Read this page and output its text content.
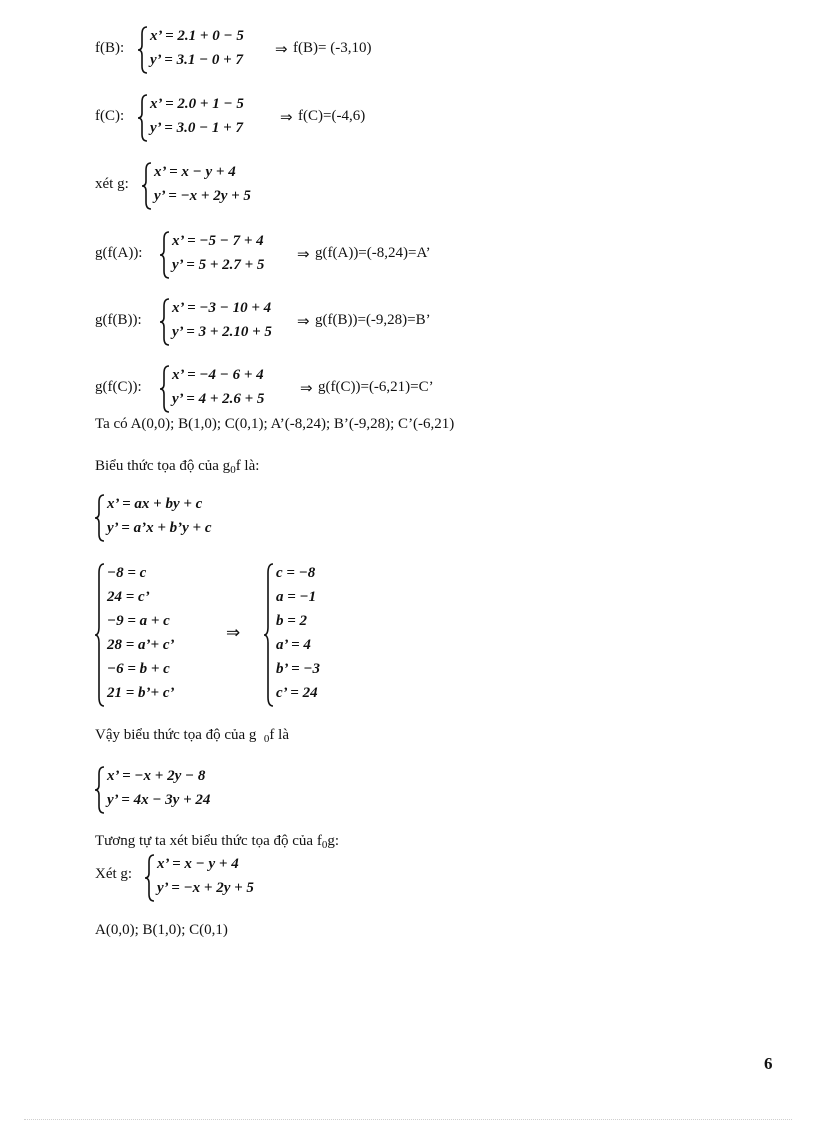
f(B):
x’ = 2.1 + 0 − 5
y’ = 3.1 − 0 + 7
⇒ f(B)= (-3,10)
f(C):
x’ = 2.0 + 1 − 5
y’ = 3.0 − 1 + 7
⇒ f(C)=(-4,6)
xét g:
x’ = x − y + 4
y’ = −x + 2y + 5
g(f(A)):
x’ = −5 − 7 + 4
y’ = 5 + 2.7 + 5
⇒ g(f(A))=(-8,24)=A’
g(f(B)):
x’ = −3 − 10 + 4
y’ = 3 + 2.10 + 5
⇒ g(f(B))=(-9,28)=B’
g(f(C)):
x’ = −4 − 6 + 4
y’ = 4 + 2.6 + 5
⇒ g(f(C))=(-6,21)=C’
Ta có A(0,0); B(1,0); C(0,1); A’(-8,24); B’(-9,28); C’(-6,21)
Biểu thức tọa độ của $g_0f$ là:
x’ = ax + by + c
y’ = a’x + b’y + c
−8 = c
24 = c’
−9 = a + c
28 = a’+ c’
−6 = b + c
21 = b’+ c’
⇒
c = −8
a = −1
b = 2
a’ = 4
b’ = −3
c’ = 24
Vậy biểu thức tọa độ của g $_0$f là
x’ = −x + 2y − 8
y’ = 4x − 3y + 24
Tương tự ta xét biểu thức tọa độ của $f_0g$:
Xét g:
x’ = x − y + 4
y’ = −x + 2y + 5
A(0,0); B(1,0); C(0,1)
6
